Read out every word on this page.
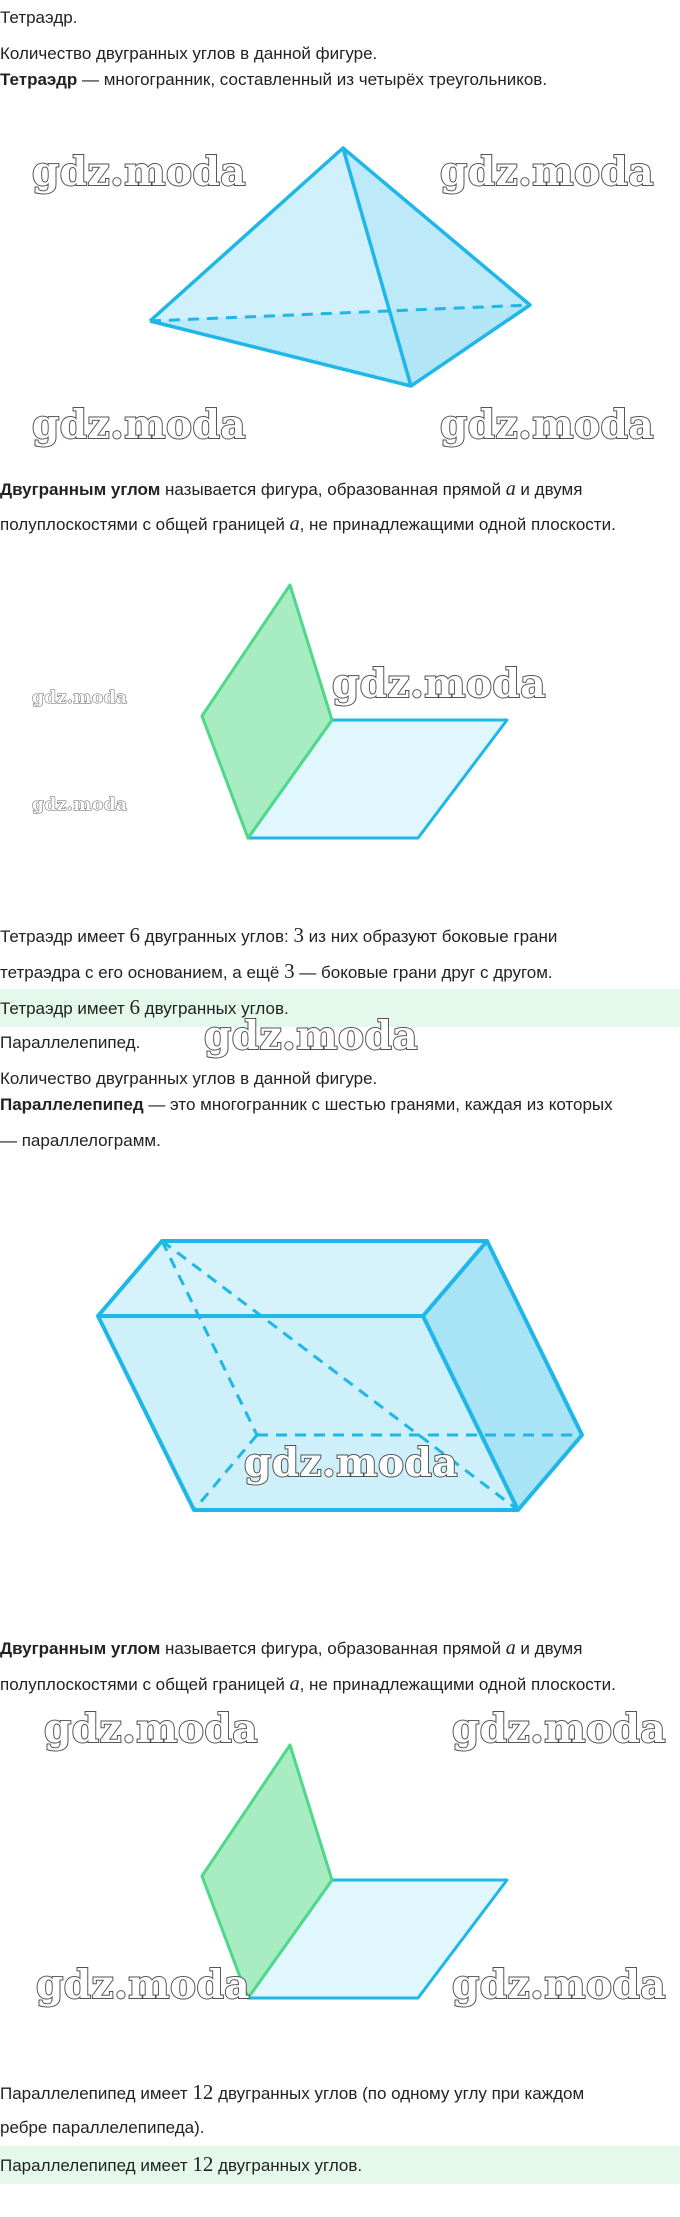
Тетраэдр.
Количество двугранных углов в данной фигуре.
Тетраэдр — многогранник, составленный из четырёх треугольников.
gdz.moda	gdz.moda
gdz.moda	gdz.moda
Двугранным углом называется фигура, образованная прямой a и двумя
полуплоскостями с общей границей a, не принадлежащими одной плоскости.
gdz.moda
gdz.moda
gdz.moda
Тетраэдр имеет 6 двугранных углов: 3 из них образуют боковые грани
тетраэдра с его основанием, а ещё 3 — боковые грани друг с другом.
Тетраэдр имеет 6 двугранных углов.
Параллелепипед.	gdz.moda
Количество двугранных углов в данной фигуре.
Параллелепипед — это многогранник с шестью гранями, каждая из которых
— параллелограмм.
gdz.moda
Двугранным углом называется фигура, образованная прямой a и двумя
полуплоскостями с общей границей a, не принадлежащими одной плоскости.
gdz.moda	gdz.moda
gdz.moda	gdz.moda
Параллелепипед имеет 12 двугранных углов (по одному углу при каждом
ребре параллелепипеда).
Параллелепипед имеет 12 двугранных углов.
